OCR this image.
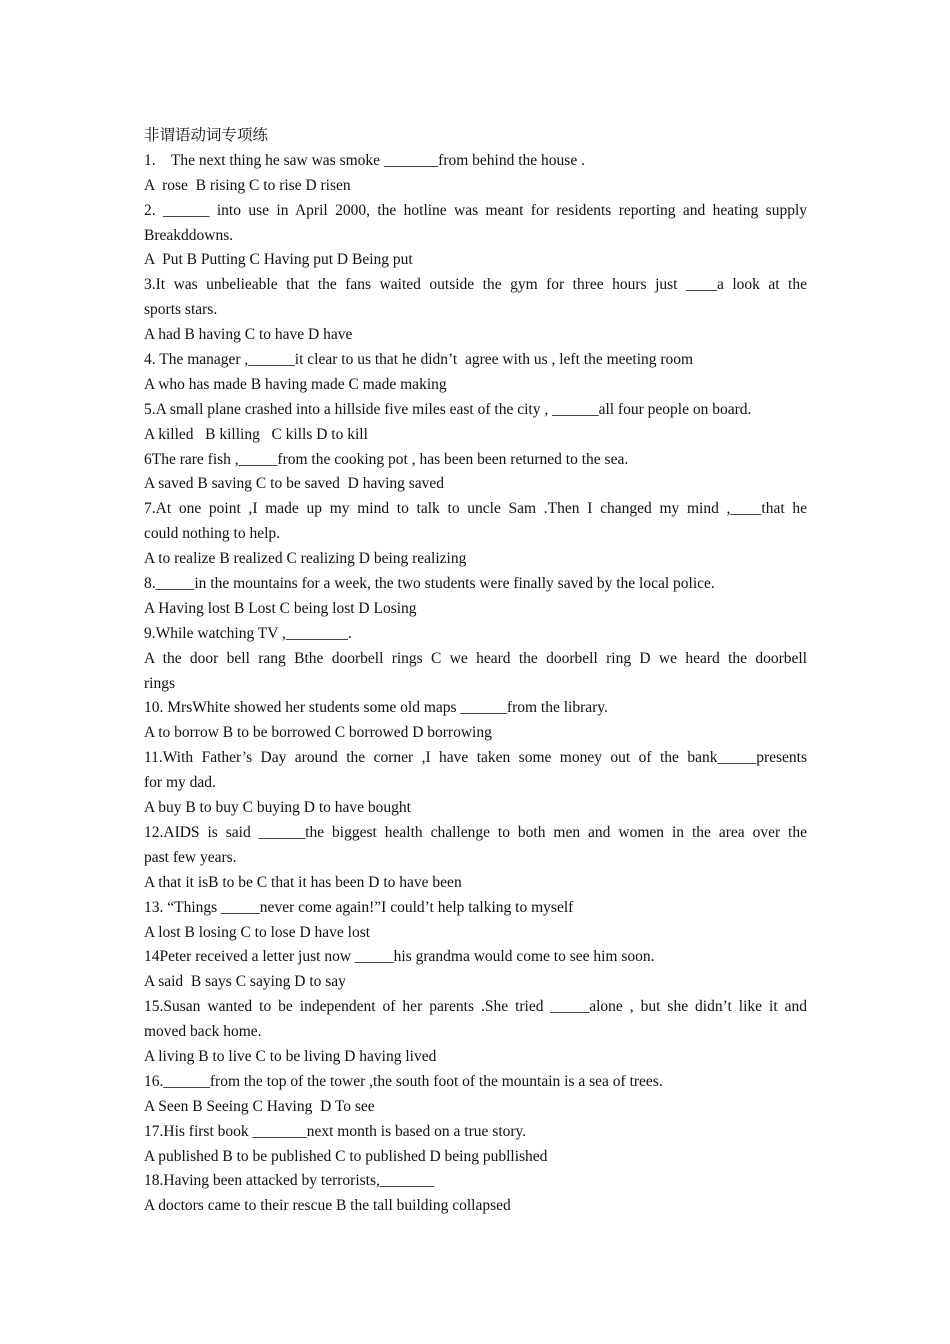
非谓语动词专项练
1.    The next thing he saw was smoke _______from behind the house .
A  rose  B rising C to rise D risen
2. ______ into use in April 2000, the hotline was meant for residents reporting and heating supply
Breakddowns.
A  Put B Putting C Having put D Being put
3.It was unbelieable that the fans waited outside the gym for three hours just ____a look at the
sports stars.
A had B having C to have D have
4. The manager ,______it clear to us that he didn’t  agree with us , left the meeting room
A who has made B having made C made making
5.A small plane crashed into a hillside five miles east of the city , ______all four people on board.
A killed   B killing   C kills D to kill
6The rare fish ,_____from the cooking pot , has been been returned to the sea.
A saved B saving C to be saved  D having saved
7.At one point ,I made up my mind to talk to uncle Sam .Then I changed my mind ,____that he
could nothing to help.
A to realize B realized C realizing D being realizing
8._____in the mountains for a week, the two students were finally saved by the local police.
A Having lost B Lost C being lost D Losing
9.While watching TV ,________.
A the door bell rang Bthe doorbell rings C we heard the doorbell ring D we heard the doorbell
rings
10. MrsWhite showed her students some old maps ______from the library.
A to borrow B to be borrowed C borrowed D borrowing
11.With Father’s Day around the corner ,I have taken some money out of the bank_____presents
for my dad.
A buy B to buy C buying D to have bought
12.AIDS is said ______the biggest health challenge to both men and women in the area over the
past few years.
A that it isB to be C that it has been D to have been
13. “Things _____never come again!”I could’t help talking to myself
A lost B losing C to lose D have lost
14Peter received a letter just now _____his grandma would come to see him soon.
A said  B says C saying D to say
15.Susan wanted to be independent of her parents .She tried _____alone , but she didn’t like it and
moved back home.
A living B to live C to be living D having lived
16.______from the top of the tower ,the south foot of the mountain is a sea of trees.
A Seen B Seeing C Having  D To see
17.His first book _______next month is based on a true story.
A published B to be published C to published D being publlished
18.Having been attacked by terrorists,_______
A doctors came to their rescue B the tall building collapsed
